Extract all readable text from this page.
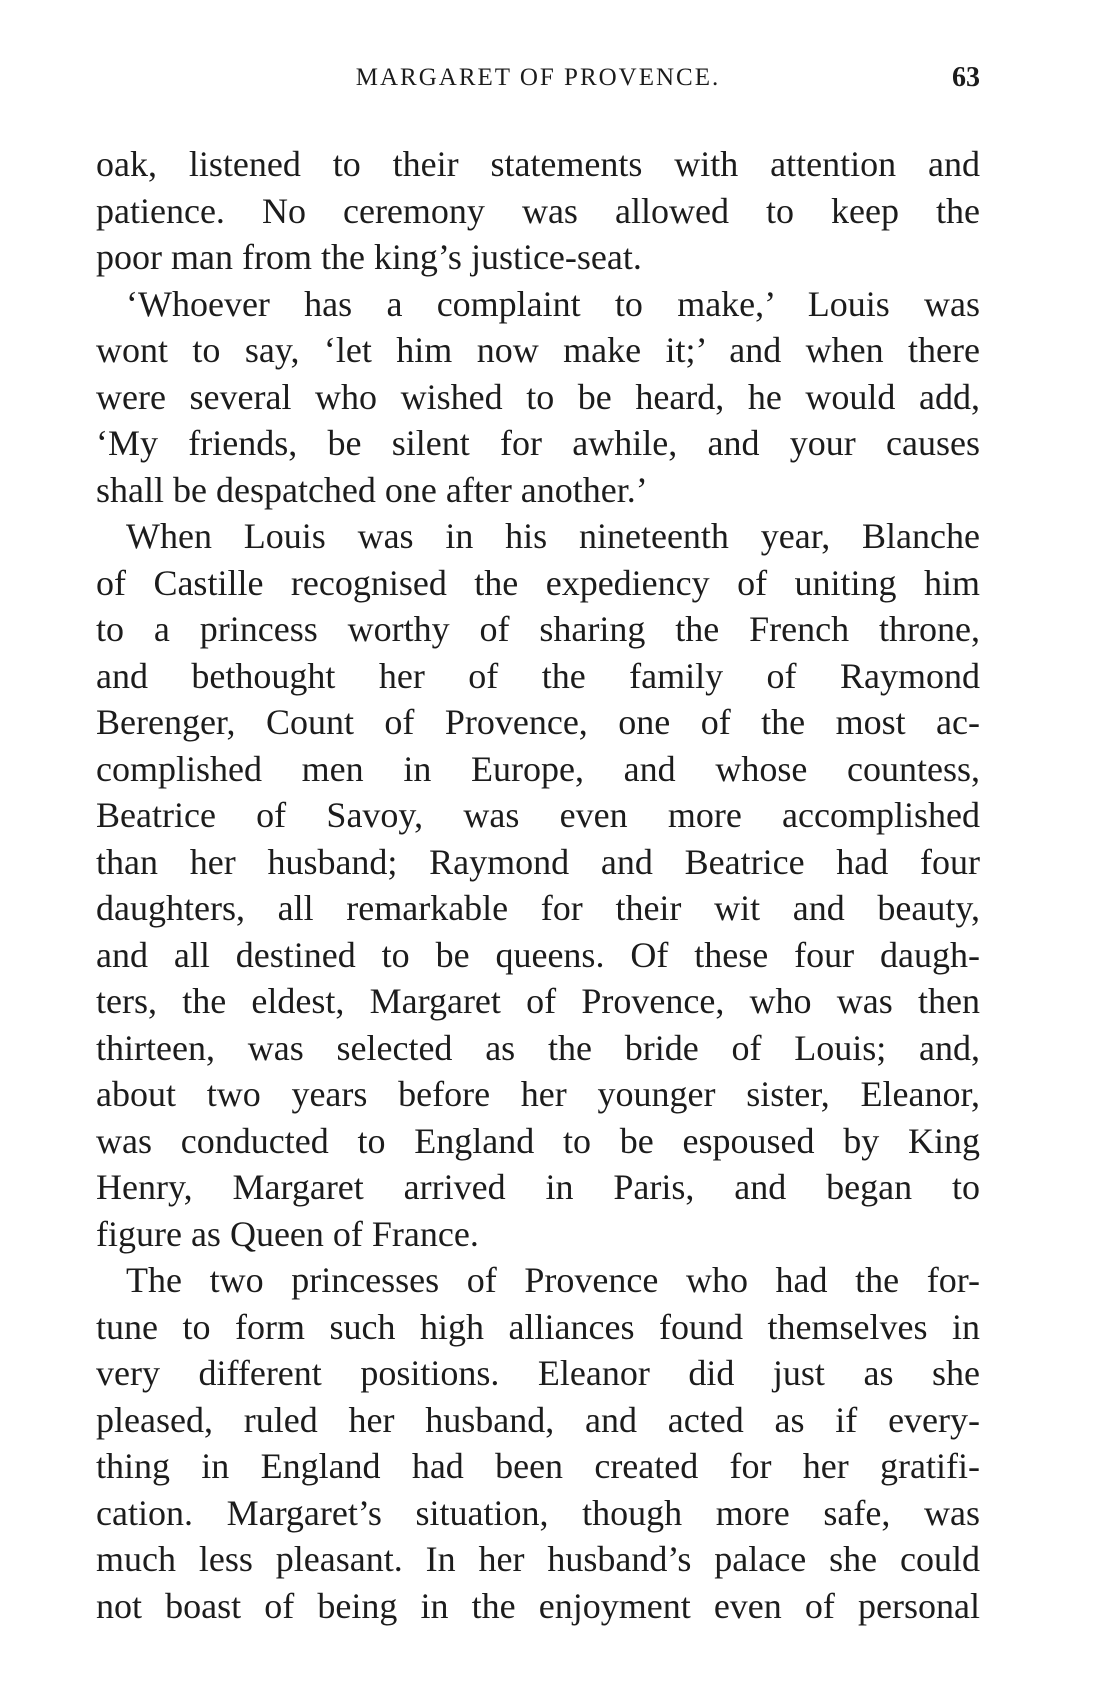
MARGARET OF PROVENCE.	63
oak, listened to their statements with attention and
patience. No ceremony was allowed to keep the
poor man from the king’s justice-seat.
‘Whoever has a complaint to make,’ Louis was
wont to say, ‘let him now make it;’ and when there
were several who wished to be heard, he would add,
‘My friends, be silent for awhile, and your causes
shall be despatched one after another.’
When Louis was in his nineteenth year, Blanche
of Castille recognised the expediency of uniting him
to a princess worthy of sharing the French throne,
and bethought her of the family of Raymond
Berenger, Count of Provence, one of the most ac-
complished men in Europe, and whose countess,
Beatrice of Savoy, was even more accomplished
than her husband; Raymond and Beatrice had four
daughters, all remarkable for their wit and beauty,
and all destined to be queens. Of these four daugh-
ters, the eldest, Margaret of Provence, who was then
thirteen, was selected as the bride of Louis; and,
about two years before her younger sister, Eleanor,
was conducted to England to be espoused by King
Henry, Margaret arrived in Paris, and began to
figure as Queen of France.
The two princesses of Provence who had the for-
tune to form such high alliances found themselves in
very different positions. Eleanor did just as she
pleased, ruled her husband, and acted as if every-
thing in England had been created for her gratifi-
cation. Margaret’s situation, though more safe, was
much less pleasant. In her husband’s palace she could
not boast of being in the enjoyment even of personal
